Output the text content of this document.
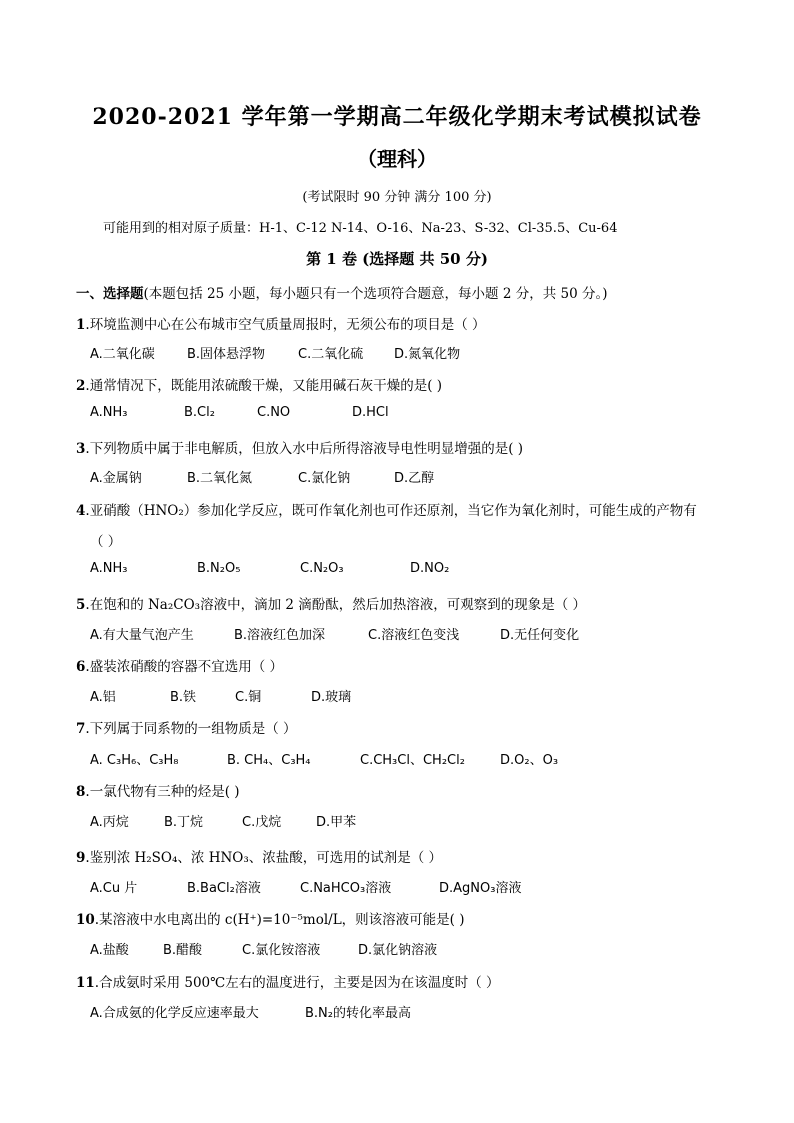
2020-2021 学年第一学期高二年级化学期末考试模拟试卷
（理科）
(考试限时 90 分钟 满分 100 分)
可能用到的相对原子质量：H-1、C-12 N-14、O-16、Na-23、S-32、Cl-35.5、Cu-64
第 1 卷 (选择题 共 50 分)
一、选择题(本题包括 25 小题，每小题只有一个选项符合题意，每小题 2 分，共 50 分。)
1.环境监测中心在公布城市空气质量周报时，无须公布的项目是（ ）
A.二氧化碳 B.固体悬浮物	C.二氧化硫 D.氮氧化物
2.通常情况下，既能用浓硫酸干燥，又能用碱石灰干燥的是( )
A.NH₃	B.Cl₂	C.NO	D.HCl
3.下列物质中属于非电解质，但放入水中后所得溶液导电性明显增强的是( )
A.金属钠	B.二氧化氮	C.氯化钠	D.乙醇
4.亚硝酸（HNO₂）参加化学反应，既可作氧化剂也可作还原剂，当它作为氧化剂时，可能生成的产物有
（ ）
A.NH₃	B.N₂O₅	C.N₂O₃	D.NO₂
5.在饱和的 Na₂CO₃溶液中，滴加 2 滴酚酞，然后加热溶液，可观察到的现象是（ ）
A.有大量气泡产生	B.溶液红色加深	C.溶液红色变浅	D.无任何变化
6.盛装浓硝酸的容器不宜选用（ ）
A.铝	B.铁	C.铜	D.玻璃
7.下列属于同系物的一组物质是（ ）
A. C₃H₆、C₃H₈	B. CH₄、C₃H₄	C.CH₃Cl、CH₂Cl₂	D.O₂、O₃
8.一氯代物有三种的烃是( )
A.丙烷	B.丁烷	C.戊烷	D.甲苯
9.鉴别浓 H₂SO₄、浓 HNO₃、浓盐酸，可选用的试剂是（ ）
A.Cu 片	B.BaCl₂溶液	C.NaHCO₃溶液	D.AgNO₃溶液
10.某溶液中水电离出的 c(H⁺)=10⁻⁵mol/L，则该溶液可能是( )
A.盐酸	B.醋酸	C.氯化铵溶液	D.氯化钠溶液
11.合成氨时采用 500℃左右的温度进行，主要是因为在该温度时（ ）
A.合成氨的化学反应速率最大	B.N₂的转化率最高
